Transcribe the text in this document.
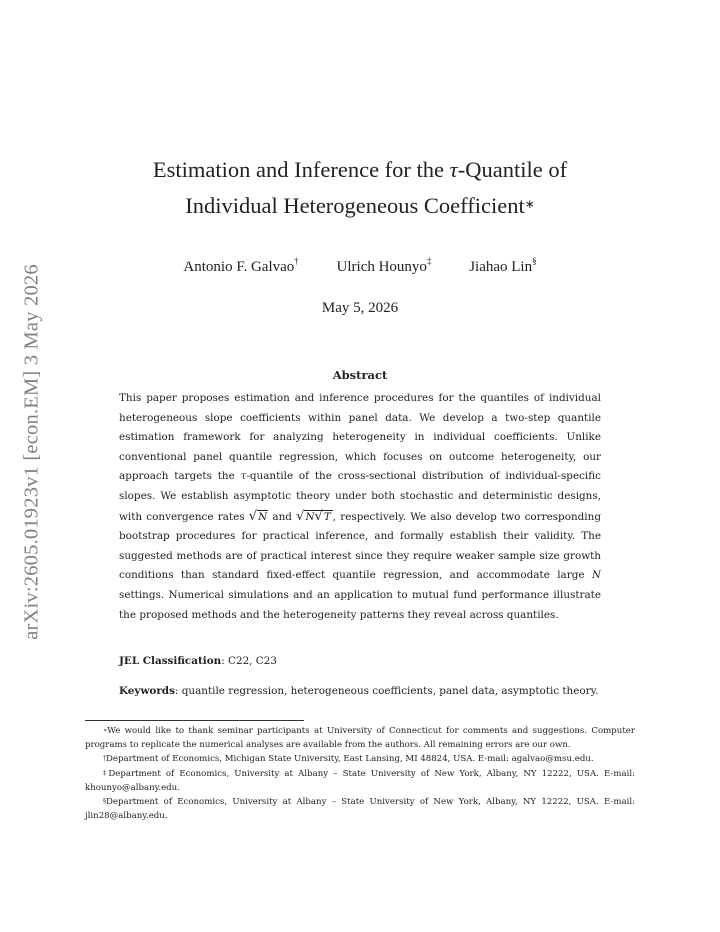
arXiv:2605.01923v1 [econ.EM] 3 May 2026
Estimation and Inference for the τ-Quantile of
Individual Heterogeneous Coefficient∗
Antonio F. Galvao†	Ulrich Hounyo‡	Jiahao Lin§
May 5, 2026
Abstract
This paper proposes estimation and inference procedures for the quantiles of individual heterogeneous slope coefficients within panel data. We develop a two-step quantile estimation framework for analyzing heterogeneity in individual coefficients. Unlike conventional panel quantile regression, which focuses on outcome heterogeneity, our approach targets the τ-quantile of the cross-sectional distribution of individual-specific slopes. We establish asymptotic theory under both stochastic and deterministic designs, with convergence rates √N and √N√T , respectively. We also develop two corresponding bootstrap procedures for practical inference, and formally establish their validity. The suggested methods are of practical interest since they require weaker sample size growth conditions than standard fixed-effect quantile regression, and accommodate large N settings. Numerical simulations and an application to mutual fund performance illustrate the proposed methods and the heterogeneity patterns they reveal across quantiles.
JEL Classification: C22, C23
Keywords: quantile regression, heterogeneous coefficients, panel data, asymptotic theory.

∗We would like to thank seminar participants at University of Connecticut for comments and suggestions. Computer programs to replicate the numerical analyses are available from the authors. All remaining errors are our own.

†Department of Economics, Michigan State University, East Lansing, MI 48824, USA. E-mail: agalvao@msu.edu.

‡Department of Economics, University at Albany – State University of New York, Albany, NY 12222, USA. E-mail: khounyo@albany.edu.

§Department of Economics, University at Albany – State University of New York, Albany, NY 12222, USA. E-mail: jlin28@albany.edu.
